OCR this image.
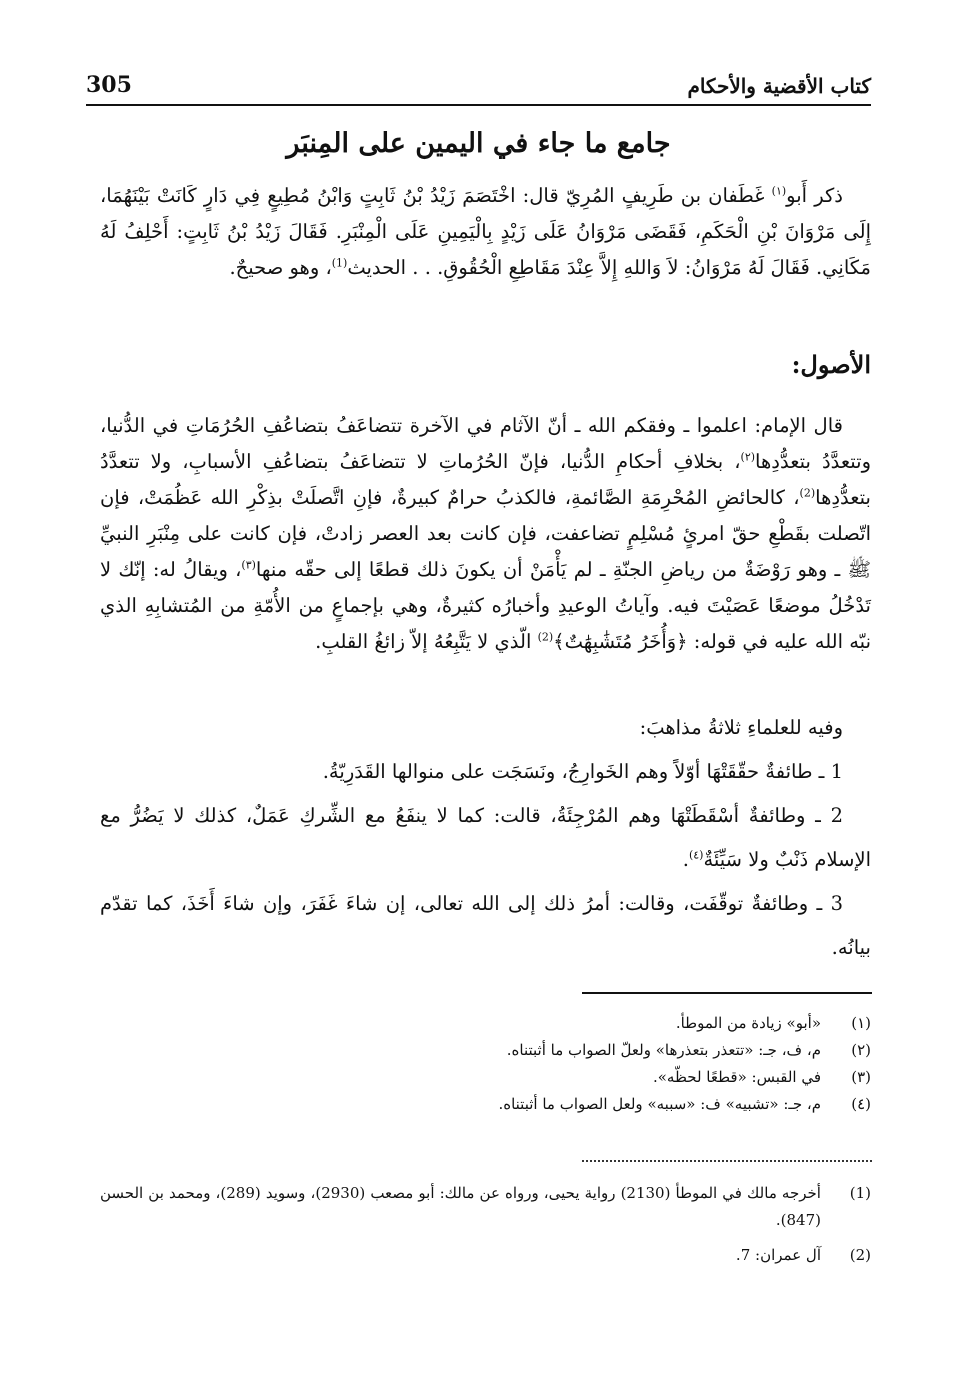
كتاب الأقضية والأحكام
305
جامع ما جاء في اليمين على المِنبَر

ذكر أَبو$^{(١)}$ غَطَفان بن طَرِيفٍ المُرِيّ قال: اخْتَصَمَ زَيْدُ بْنُ ثَابِتٍ وَابْنُ مُطِيعٍ فِي دَارٍ كَانَتْ بَيْنَهُمَا، إِلَى مَرْوَانَ بْنِ الْحَكَمِ، فَقَضَى مَرْوَانُ عَلَى زَيْدٍ بِالْيَمِينِ عَلَى الْمِنْبَرِ. فَقَالَ زَيْدُ بْنُ ثَابِتٍ: أَحْلِفُ لَهُ مَكَانِي. فَقَالَ لَهُ مَرْوَانُ: لاَ وَاللهِ إِلاَّ عِنْدَ مَقَاطِعِ الْحُقُوقِ. . . الحديث$^{(1)}$، وهو صحيحٌ.

الأصول:

قال الإمام: اعلموا ـ وفقكم الله ـ أنّ الآثام في الآخرة تتضاعَفُ بتضاعُفِ الحُرُمَاتِ في الدُّنيا، وتتعدَّدُ بتعدُّدِها$^{(٢)}$، بخلافِ أحكامِ الدُّنيا، فإنّ الحُرُماتِ لا تتضاعَفُ بتضاعُفِ الأسبابِ، ولا تتعدَّدُ بتعدُّدِها$^{(2)}$، كالحائضِ المُحْرِمَةِ الصَّائمةِ، فالكذبُ حرامٌ كبيرةٌ، فإنِ اتَّصلَتْ بذِكْرِ الله عَظُمَتْ، فإن اتّصلت بقَطْعِ حقّ امرئٍ مُسْلِمٍ تضاعفت، فإن كانت بعد العصر زادتْ، فإن كانت على مِنْبَرِ النبيِّ ﷺ ـ وهو رَوْضَةٌ من رياضِ الجنّةِ ـ لم يَأْمَنْ أن يكونَ ذلك قطعًا إلى حقّه منها$^{(٣)}$، ويقالُ له: إنّك لا تَدْخُلُ موضعًا عَصَيْتَ فيه. وآياتُ الوعيدِ وأخبارُه كثيرةٌ، وهي بإجماعٍ من الأُمّةِ من المُتشابِهِ الذي نبّه الله عليه في قوله: ﴿وَأُخَرُ مُتَشَٰبِهَٰتٌ﴾$^{(2)}$ الّذي لا يَتَّبِعُهُ إلاّ زائغُ القلبِ.

وفيه للعلماءِ ثلاثةُ مذاهبَ:

1 ـ طائفةٌ حقّقَتْهَا أوّلاً وهم الخَوارِجُ، ونَسَجَت على منوالها القَدَرِيّةُ.

2 ـ وطائفةٌ أسْقَطَتْهَا وهم المُرْجِئَةُ، قالت: كما لا ينفَعُ مع الشِّركِ عَمَلٌ، كذلك لا يَضُرُّ مع الإسلام ذَنْبٌ ولا سَيِّئَةٌ$^{(٤)}$.

3 ـ وطائفةٌ توقّفَت، وقالت: أمرُ ذلك إلى الله تعالى، إن شاءَ غَفَرَ، وإن شاءَ أَخَذَ، كما تقدّم بيانُه.

(١)
«أبو» زيادة من الموطأ.
(٢)
م، ف، جـ: «تتعذر بتعذرها» ولعلّ الصواب ما أثبتناه.
(٣)
في القبس: «قطعًا لحظّه».
(٤)
م، جـ: «تشبيه» ف: «سببه» ولعل الصواب ما أثبتناه.
(1)
أخرجه مالك في الموطأ (2130) رواية يحيى، ورواه عن مالك: أبو مصعب (2930)، وسويد (289)، ومحمد بن الحسن (847).
(2)
آل عمران: 7.
